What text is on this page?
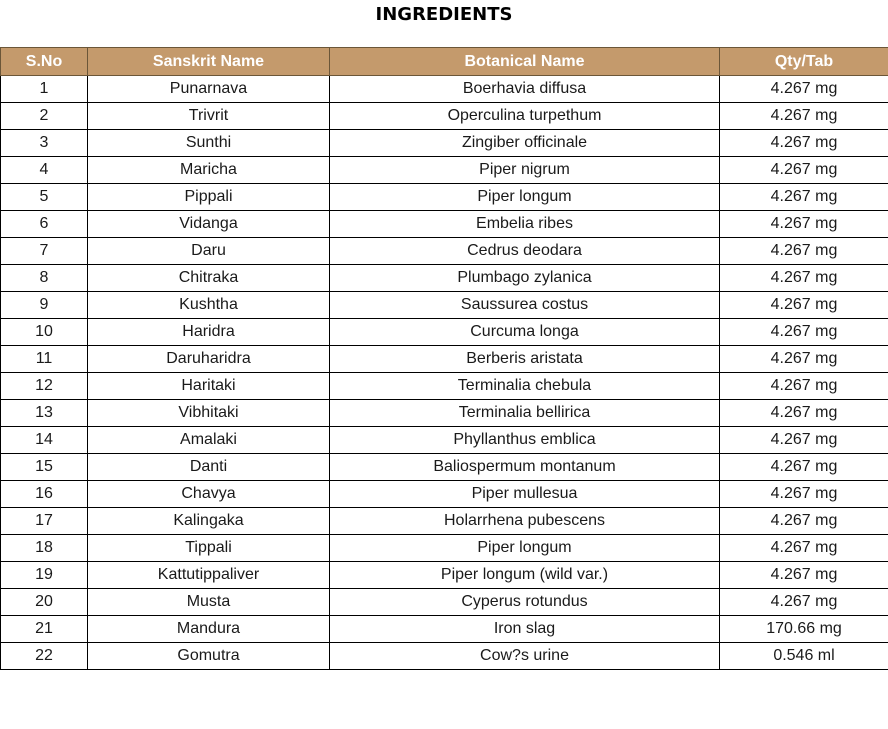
INGREDIENTS
S.No	Sanskrit Name	Botanical Name	Qty/Tab
1	Punarnava	Boerhavia diffusa	4.267 mg
2	Trivrit	Operculina turpethum	4.267 mg
3	Sunthi	Zingiber officinale	4.267 mg
4	Maricha	Piper nigrum	4.267 mg
5	Pippali	Piper longum	4.267 mg
6	Vidanga	Embelia ribes	4.267 mg
7	Daru	Cedrus deodara	4.267 mg
8	Chitraka	Plumbago zylanica	4.267 mg
9	Kushtha	Saussurea costus	4.267 mg
10	Haridra	Curcuma longa	4.267 mg
11	Daruharidra	Berberis aristata	4.267 mg
12	Haritaki	Terminalia chebula	4.267 mg
13	Vibhitaki	Terminalia bellirica	4.267 mg
14	Amalaki	Phyllanthus emblica	4.267 mg
15	Danti	Baliospermum montanum	4.267 mg
16	Chavya	Piper mullesua	4.267 mg
17	Kalingaka	Holarrhena pubescens	4.267 mg
18	Tippali	Piper longum	4.267 mg
19	Kattutippaliver	Piper longum (wild var.)	4.267 mg
20	Musta	Cyperus rotundus	4.267 mg
21	Mandura	Iron slag	170.66 mg
22	Gomutra	Cow?s urine	0.546 ml
